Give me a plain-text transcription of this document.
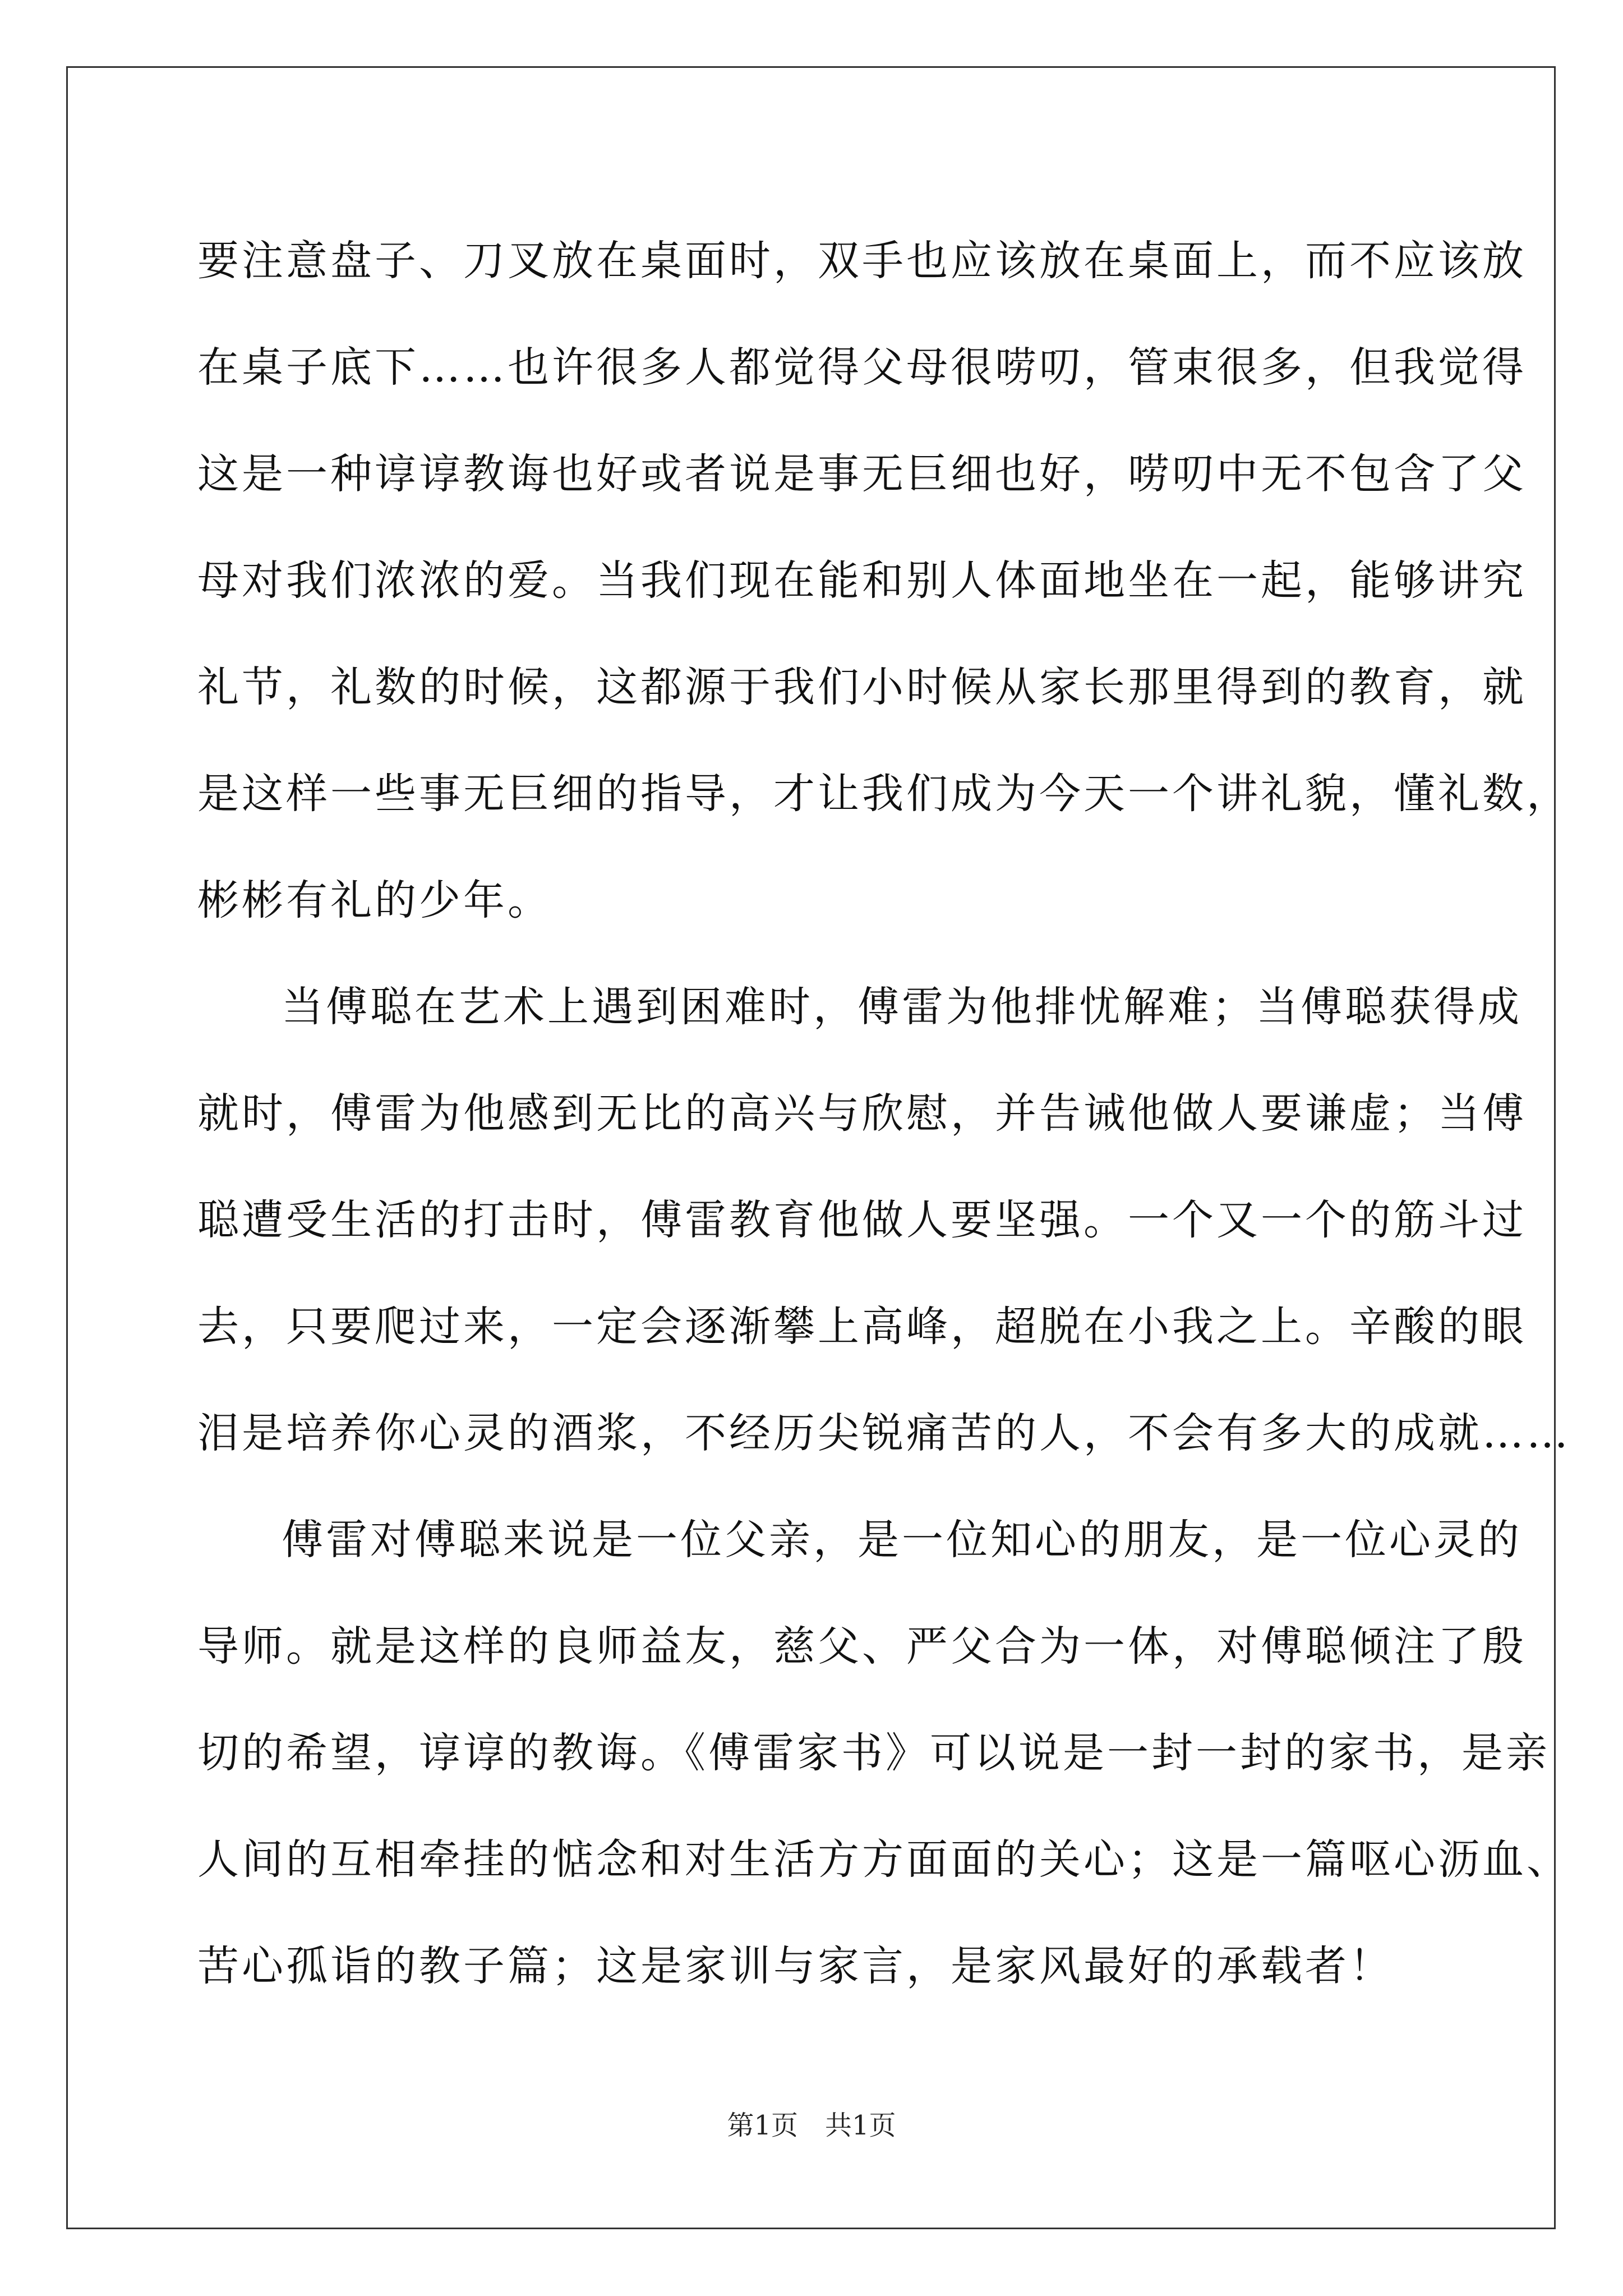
要注意盘子、刀叉放在桌面时，双手也应该放在桌面上，而不应该放
在桌子底下……也许很多人都觉得父母很唠叨，管束很多，但我觉得
这是一种谆谆教诲也好或者说是事无巨细也好，唠叨中无不包含了父
母对我们浓浓的爱。当我们现在能和别人体面地坐在一起，能够讲究
礼节，礼数的时候，这都源于我们小时候从家长那里得到的教育，就
是这样一些事无巨细的指导，才让我们成为今天一个讲礼貌，懂礼数，
彬彬有礼的少年。
当傅聪在艺术上遇到困难时，傅雷为他排忧解难；当傅聪获得成
就时，傅雷为他感到无比的高兴与欣慰，并告诫他做人要谦虚；当傅
聪遭受生活的打击时，傅雷教育他做人要坚强。一个又一个的筋斗过
去，只要爬过来，一定会逐渐攀上高峰，超脱在小我之上。辛酸的眼
泪是培养你心灵的酒浆，不经历尖锐痛苦的人，不会有多大的成就……
傅雷对傅聪来说是一位父亲，是一位知心的朋友，是一位心灵的
导师。就是这样的良师益友，慈父、严父合为一体，对傅聪倾注了殷
切的希望，谆谆的教诲。《傅雷家书》可以说是一封一封的家书，是亲
人间的互相牵挂的惦念和对生活方方面面的关心；这是一篇呕心沥血、
苦心孤诣的教子篇；这是家训与家言，是家风最好的承载者！
第1页　共1页
